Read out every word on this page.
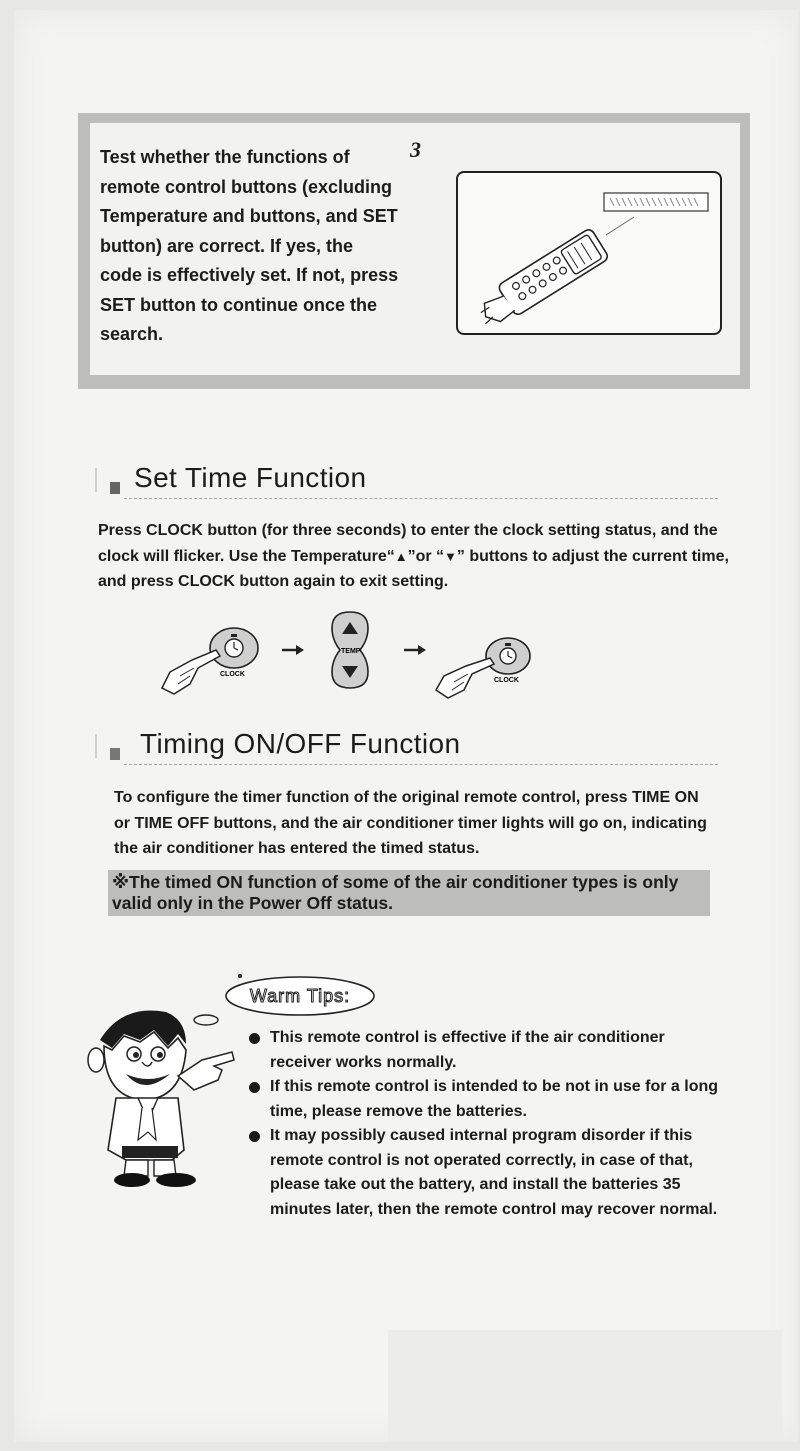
Test whether the functions of remote control buttons (excluding Temperature and buttons, and SET button) are correct. If yes, the code is effectively set. If not, press SET button to continue once the search.

3
Set Time Function

Press CLOCK button (for three seconds) to enter the clock setting status, and the clock will flicker. Use the Temperature“▲”or “▼” buttons to adjust the current time, and press CLOCK button again to exit setting.

CLOCK
TEMP
CLOCK
Timing ON/OFF Function

To configure the timer function of the original remote control, press TIME ON or TIME OFF buttons, and the air conditioner timer lights will go on, indicating the air conditioner has entered the timed status.

※The timed ON function of some of the air conditioner types is only valid only in the Power Off status.

Warm Tips:
This remote control is effective if the air conditioner receiver works normally.
If this remote control is intended to be not in use for a long time, please remove the batteries.
It may possibly caused internal program disorder if this remote control is not operated correctly, in case of that, please take out the battery, and install the batteries 35 minutes later, then the remote control may recover normal.
